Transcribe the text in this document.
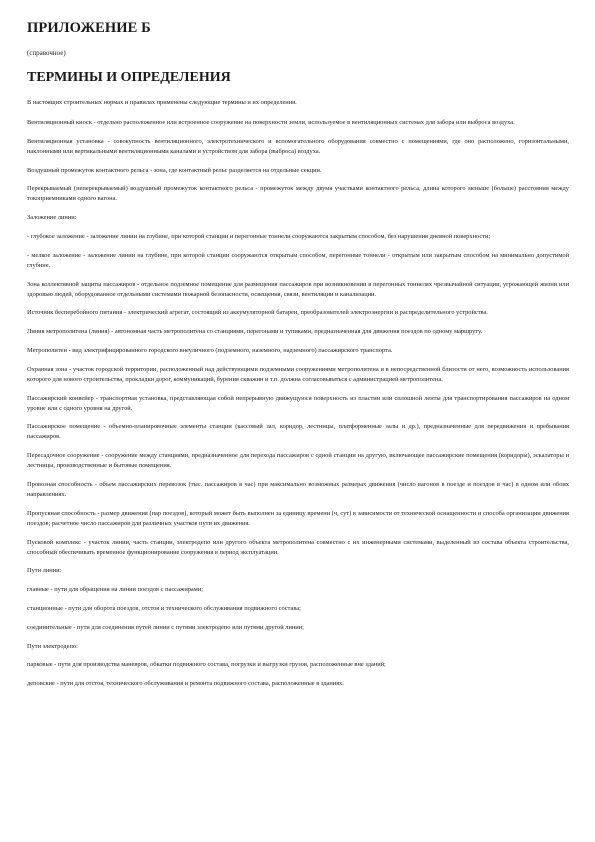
ПРИЛОЖЕНИЕ Б
(справочное)
ТЕРМИНЫ И ОПРЕДЕЛЕНИЯ

В настоящих строительных нормах и правилах применены следующие термины и их определения.

Вентиляционный киоск - отдельно расположенное или встроенное сооружение на поверхности земли, используемое в вентиляционных системах для забора или выброса воздуха.

Вентиляционная установка - совокупность вентиляционного, электротехнического и вспомогательного оборудования совместно с помещениями, где оно расположено, горизонтальными, наклонными или вертикальными вентиляционными каналами и устройством для забора (выброса) воздуха.

Воздушный промежуток контактного рельса - зона, где контактный рельс разделяется на отдельные секции.

Перекрываемый (неперекрываемый) воздушный промежуток контактного рельса - промежуток между двумя участками контактного рельса, длина которого меньше (больше) расстояния между токоприемниками одного вагона.

Заложение линии:

- глубокое заложение - заложение линии на глубине, при которой станции и перегонные тоннели сооружаются закрытым способом, без нарушения дневной поверхности;

- мелкое заложение - заложение линии на глубине, при которой станции сооружаются открытым способом, перегонные тоннели - открытым или закрытым способом на минимально допустимой глубине.

Зона коллективной защиты пассажиров - отдельное подземное помещение для размещения пассажиров при возникновении в перегонных тоннелях чрезвычайной ситуации, угрожающей жизни или здоровью людей, оборудованное отдельными системами пожарной безопасности, освещения, связи, вентиляции и канализации.

Источник бесперебойного питания - электрический агрегат, состоящий из аккумуляторной батареи, преобразователей электроэнергии и распределительного устройства.

Линия метрополитена (линия) - автономная часть метрополитена со станциями, перегонами и тупиками, предназначенная для движения поездов по одному маршруту.

Метрополитен - вид электрифицированного городского внеуличного (подземного, наземного, надземного) пассажирского транспорта.

Охранная зона - участок городской территории, расположенный над действующими подземными сооружениями метрополитена и в непосредственной близости от него, возможность использования которого для нового строительства, прокладки дорог, коммуникаций, бурения скважин и т.п. должна согласовываться с администрацией метрополитена.

Пассажирский конвейер - транспортная установка, представляющая собой непрерывную движущуюся поверхность из пластин или сплошной ленты для транспортирования пассажиров на одном уровне или с одного уровня на другой.

Пассажирское помещение - объемно-планировочные элементы станции (кассовый зал, коридор, лестницы, платформенные залы и др.), предназначенные для передвижения и пребывания пассажиров.

Пересадочное сооружение - сооружение между станциями, предназначенное для перехода пассажиров с одной станции на другую, включающее пассажирские помещения (коридоры), эскалаторы и лестницы, производственные и бытовые помещения.

Провозная способность - объем пассажирских перевозок (тыс. пассажиров в час) при максимально возможных размерах движения (число вагонов в поезде и поездов в час) в одном или обоих направлениях.

Пропускная способность - размер движения (пар поездов), который может быть выполнен за единицу времени (ч, сут) в зависимости от технической оснащенности и способа организации движения поездов; расчетное число пассажиров для различных участков пути их движения.

Пусковой комплекс - участок линии, часть станции, электродепо или другого объекта метрополитена совместно с их инженерными системами, выделенный из состава объекта строительства, способный обеспечивать временное функционирование сооружения в период эксплуатации.

Пути линии:

главные - пути для обращения на линии поездов с пассажирами;

станционные - пути для оборота поездов, отстоя и технического обслуживания подвижного состава;

соединительные - пути для соединения путей линии с путями электродепо или путями другой линии;

Пути электродепо:

парковые - пути для производства маневров, обкатки подвижного состава, погрузки и выгрузки грузов, расположенные вне зданий;

деповские - пути для отстоя, технического обслуживания и ремонта подвижного состава, расположенные в зданиях.
